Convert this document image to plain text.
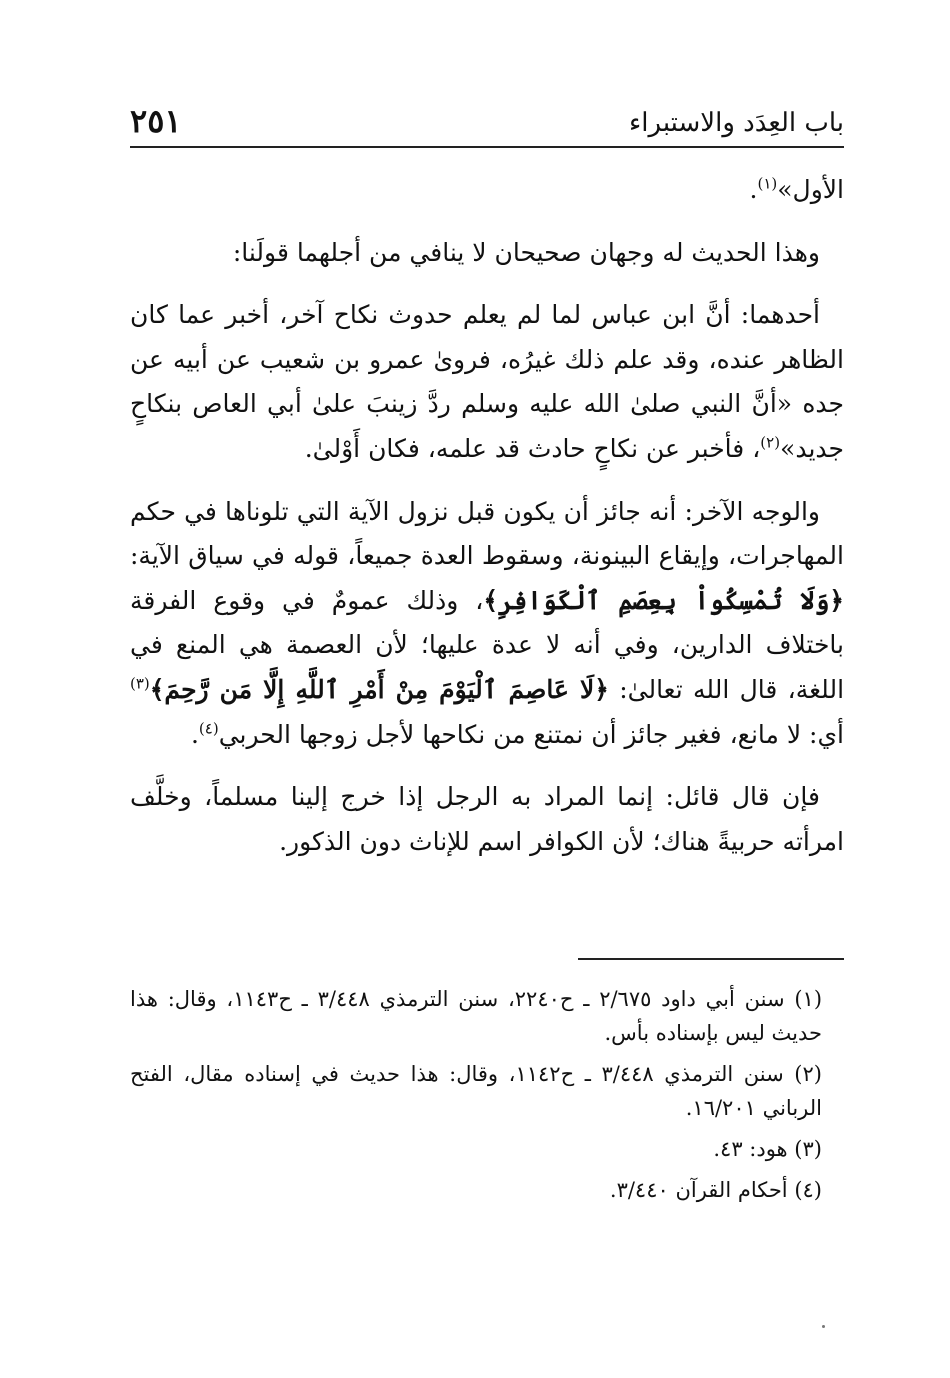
باب العِدَد والاستبراء
٢٥١

الأول»$^{(١)}$.

وهذا الحديث له وجهان صحيحان لا ينافي من أجلهما قولَنا:

أحدهما: أنَّ ابن عباس لما لم يعلم حدوث نكاح آخر، أخبر عما كان الظاهر عنده، وقد علم ذلك غيرُه، فروىٰ عمرو بن شعيب عن أبيه عن جده «أنَّ النبي صلىٰ الله عليه وسلم ردَّ زينبَ علىٰ أبي العاص بنكاحٍ جديد»$^{(٢)}$، فأخبر عن نكاحٍ حادث قد علمه، فكان أَوْلىٰ.

والوجه الآخر: أنه جائز أن يكون قبل نزول الآية التي تلوناها في حكم المهاجرات، وإيقاع البينونة، وسقوط العدة جميعاً، قوله في سياق الآية: ﴿وَلَا تُمْسِكُواْ بِعِصَمِ ٱلْكَوَافِرِ﴾، وذلك عمومٌ في وقوع الفرقة باختلاف الدارين، وفي أنه لا عدة عليها؛ لأن العصمة هي المنع في اللغة، قال الله تعالىٰ: ﴿لَا عَاصِمَ ٱلْيَوْمَ مِنْ أَمْرِ ٱللَّهِ إِلَّا مَن رَّحِمَ﴾$^{(٣)}$ أي: لا مانع، فغير جائز أن نمتنع من نكاحها لأجل زوجها الحربي$^{(٤)}$.

فإن قال قائل: إنما المراد به الرجل إذا خرج إلينا مسلماً، وخلَّف امرأته حربيةً هناك؛ لأن الكوافر اسم للإناث دون الذكور.

(١) سنن أبي داود ٢/٦٧٥ ـ ح٢٢٤٠، سنن الترمذي ٣/٤٤٨ ـ ح١١٤٣، وقال: هذا حديث ليس بإسناده بأس.

(٢) سنن الترمذي ٣/٤٤٨ ـ ح١١٤٢، وقال: هذا حديث في إسناده مقال، الفتح الرباني ١٦/٢٠١.

(٣) هود: ٤٣.

(٤) أحكام القرآن ٣/٤٤٠.
